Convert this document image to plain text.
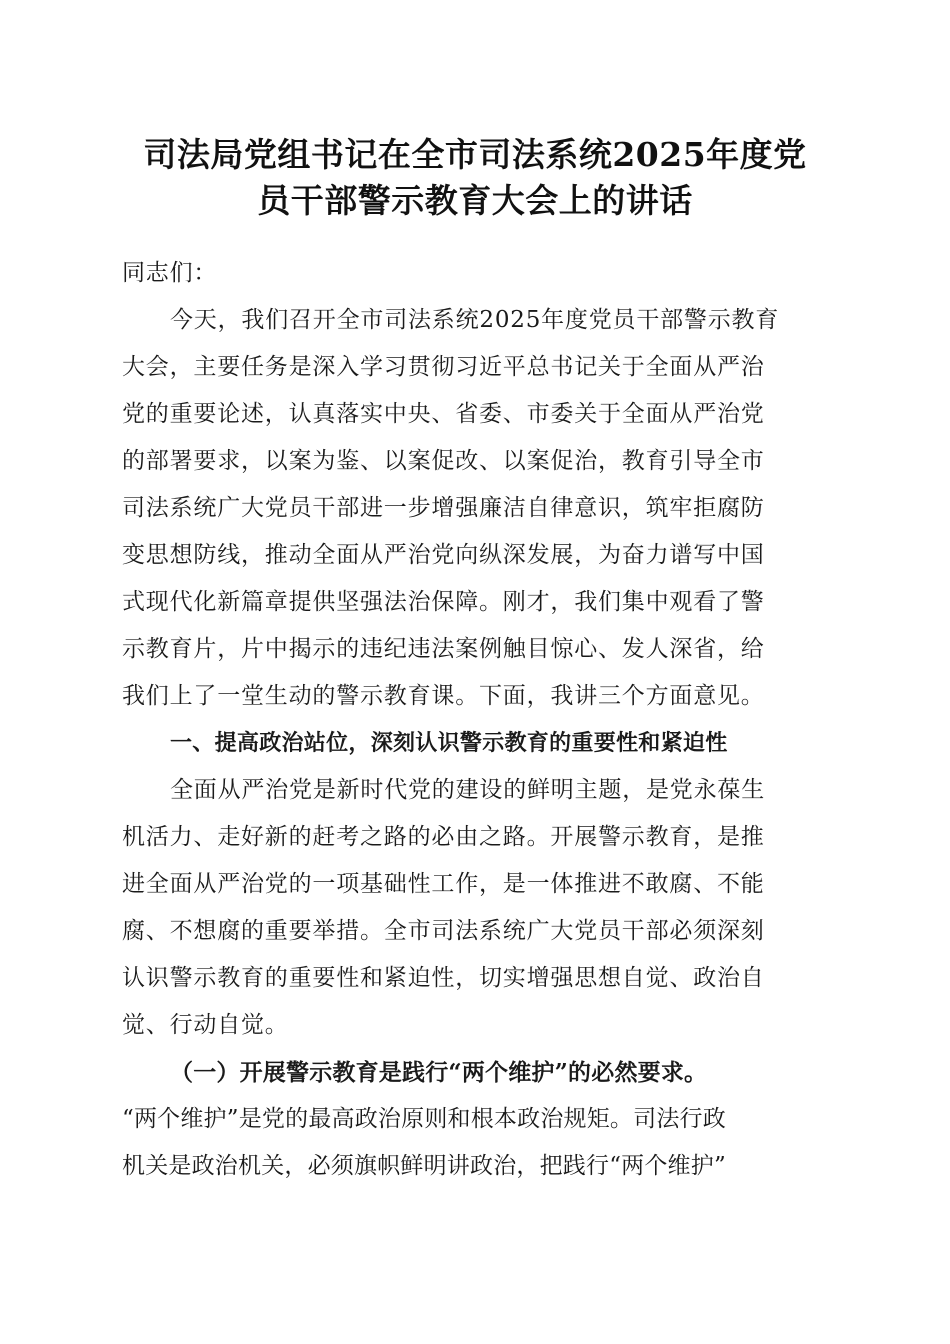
司法局党组书记在全市司法系统2025年度党
员干部警示教育大会上的讲话
同志们：
今天，我们召开全市司法系统2025年度党员干部警示教育
大会，主要任务是深入学习贯彻习近平总书记关于全面从严治
党的重要论述，认真落实中央、省委、市委关于全面从严治党
的部署要求，以案为鉴、以案促改、以案促治，教育引导全市
司法系统广大党员干部进一步增强廉洁自律意识，筑牢拒腐防
变思想防线，推动全面从严治党向纵深发展，为奋力谱写中国
式现代化新篇章提供坚强法治保障。刚才，我们集中观看了警
示教育片，片中揭示的违纪违法案例触目惊心、发人深省，给
我们上了一堂生动的警示教育课。下面，我讲三个方面意见。
一、提高政治站位，深刻认识警示教育的重要性和紧迫性
全面从严治党是新时代党的建设的鲜明主题，是党永葆生
机活力、走好新的赶考之路的必由之路。开展警示教育，是推
进全面从严治党的一项基础性工作，是一体推进不敢腐、不能
腐、不想腐的重要举措。全市司法系统广大党员干部必须深刻
认识警示教育的重要性和紧迫性，切实增强思想自觉、政治自
觉、行动自觉。
（一）开展警示教育是践行“两个维护”的必然要求。
“两个维护”是党的最高政治原则和根本政治规矩。司法行政
机关是政治机关，必须旗帜鲜明讲政治，把践行“两个维护”
